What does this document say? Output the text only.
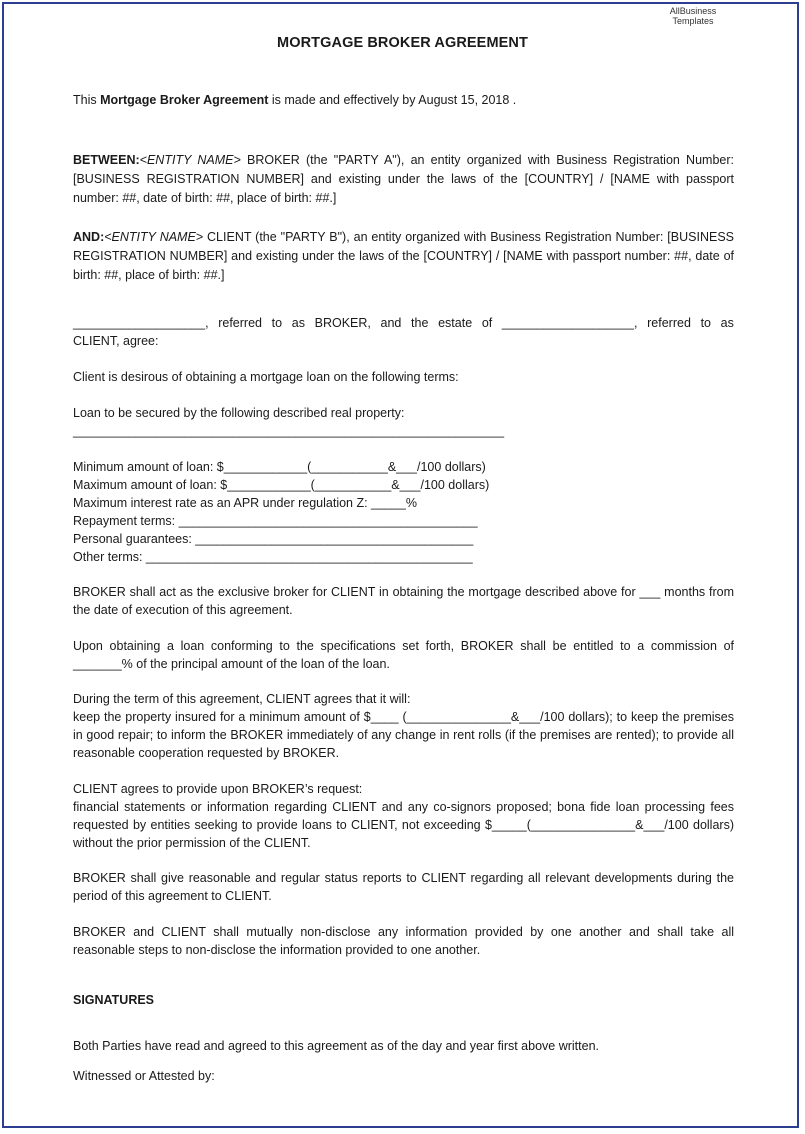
AllBusiness
Templates
MORTGAGE BROKER AGREEMENT
This Mortgage Broker Agreement is made and effectively by August 15, 2018 .
BETWEEN:<ENTITY NAME> BROKER (the "PARTY A"), an entity organized with Business Registration Number: [BUSINESS REGISTRATION NUMBER] and existing under the laws of the [COUNTRY] / [NAME with passport number: ##, date of birth: ##, place of birth: ##.]
AND:<ENTITY NAME> CLIENT (the "PARTY B"), an entity organized with Business Registration Number: [BUSINESS REGISTRATION NUMBER] and existing under the laws of the [COUNTRY] / [NAME with passport number: ##, date of birth: ##, place of birth: ##.]
___________________, referred to as BROKER, and the estate of ___________________, referred to as
CLIENT, agree:
Client is desirous of obtaining a mortgage loan on the following terms:
Loan to be secured by the following described real property:
______________________________________________________________
Minimum amount of loan: $____________(___________&___/100 dollars)
Maximum amount of loan: $____________(___________&___/100 dollars)
Maximum interest rate as an APR under regulation Z: _____%
Repayment terms: ___________________________________________
Personal guarantees: ________________________________________
Other terms: _______________________________________________
BROKER shall act as the exclusive broker for CLIENT in obtaining the mortgage described above for ___ months from the date of execution of this agreement.
Upon obtaining a loan conforming to the specifications set forth, BROKER shall be entitled to a commission of _______% of the principal amount of the loan of the loan.
During the term of this agreement, CLIENT agrees that it will:
keep the property insured for a minimum amount of $____ (_______________&___/100 dollars); to keep the premises in good repair; to inform the BROKER immediately of any change in rent rolls (if the premises are rented); to provide all reasonable cooperation requested by BROKER.
CLIENT agrees to provide upon BROKER’s request:
financial statements or information regarding CLIENT and any co-signors proposed; bona fide loan processing fees requested by entities seeking to provide loans to CLIENT, not exceeding $_____(_______________&___/100 dollars) without the prior permission of the CLIENT.
BROKER shall give reasonable and regular status reports to CLIENT regarding all relevant developments during the period of this agreement to CLIENT.
BROKER and CLIENT shall mutually non-disclose any information provided by one another and shall take all reasonable steps to non-disclose the information provided to one another.
SIGNATURES
Both Parties have read and agreed to this agreement as of the day and year first above written.
Witnessed or Attested by:
